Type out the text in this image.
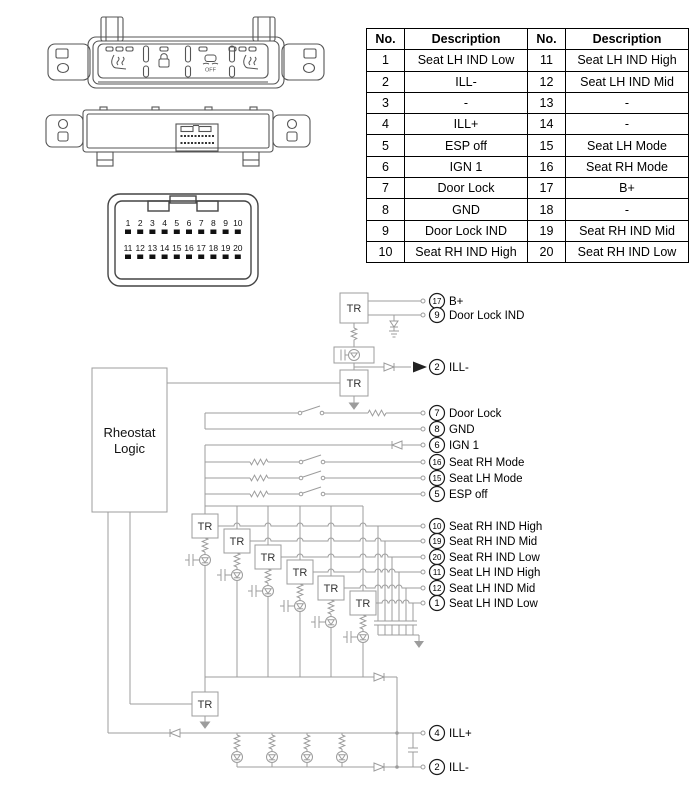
OFF
1 2 3 4 5 6 7 8 9 10
11 12 13 14 15 16 17 18 19 20
Rheostat
Logic
TR
TR
TR
TR
TR
TR
TR
TR
TR
17 B+
9 Door Lock IND
2 ILL-
7 Door Lock
8 GND
6 IGN 1
16 Seat RH Mode
15 Seat LH Mode
5 ESP off
10 Seat RH IND High
19 Seat RH IND Mid
20 Seat RH IND Low
11 Seat LH IND High
12 Seat LH IND Mid
1 Seat LH IND Low
4 ILL+
2 ILL-
No.	Description	No.	Description
1	Seat LH IND Low	11	Seat LH IND High
2	ILL-	12	Seat LH IND Mid
3	-	13	-
4	ILL+	14	-
5	ESP off	15	Seat LH Mode
6	IGN 1	16	Seat RH Mode
7	Door Lock	17	B+
8	GND	18	-
9	Door Lock IND	19	Seat RH IND Mid
10	Seat RH IND High	20	Seat RH IND Low
